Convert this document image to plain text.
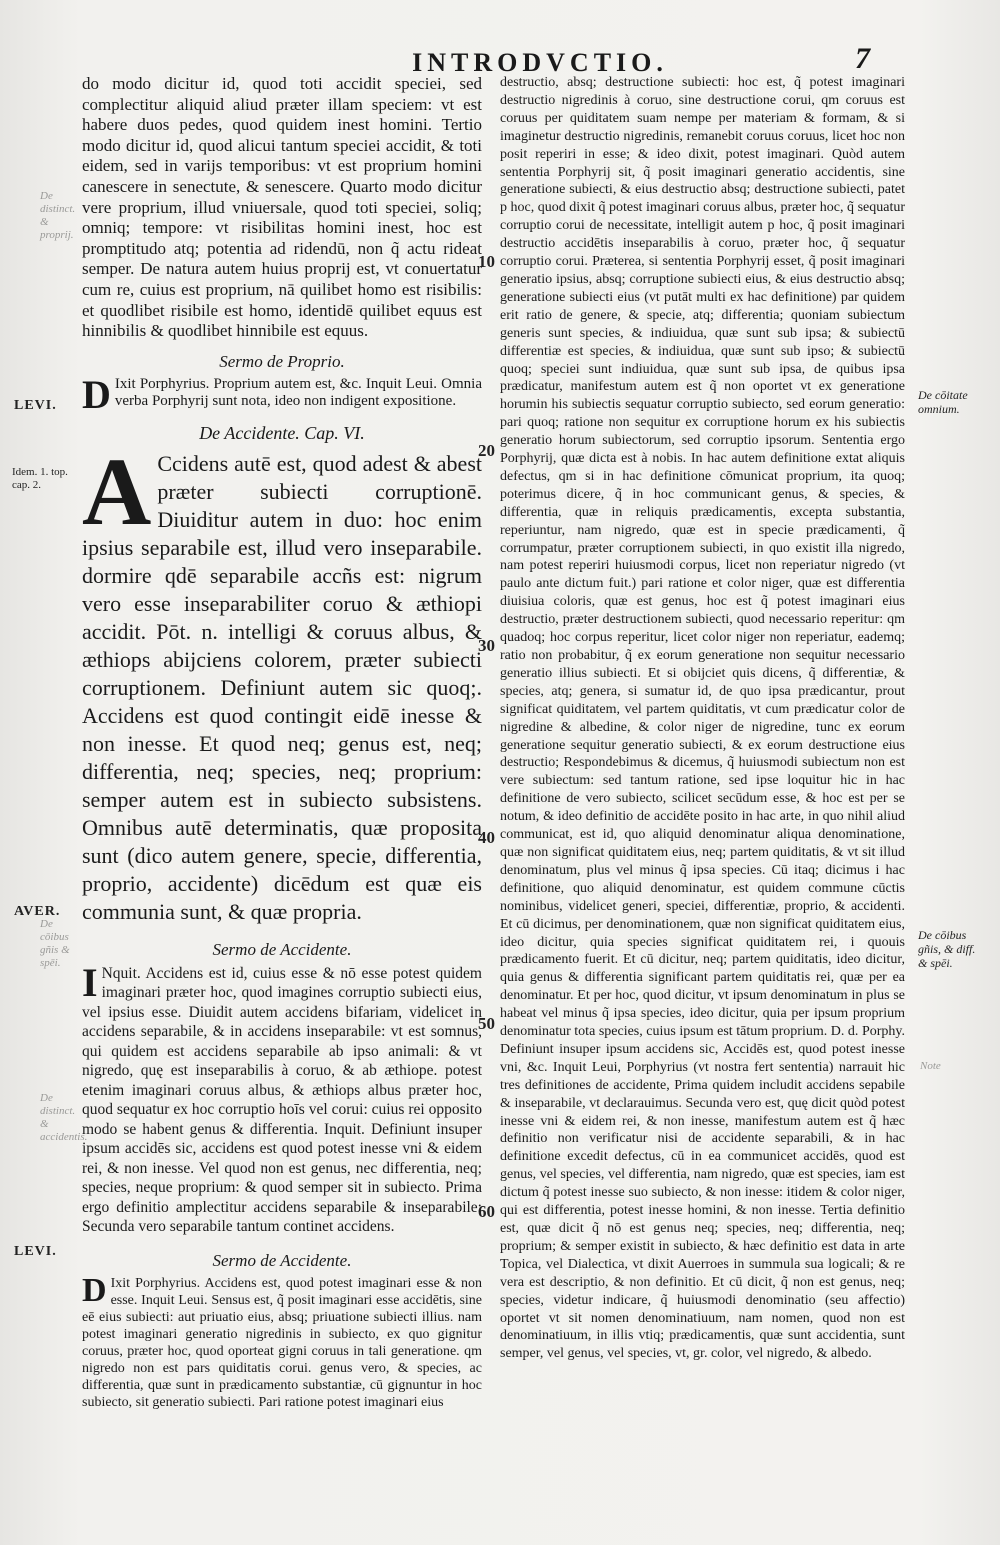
INTRODVCTIO.	7
De distinct. & proprij.
De distinct. & accidentis.
De cōibus gñis & spēi.
LEVI.
Idem. 1. top. cap. 2.
AVER.
LEVI.
De cōitate omnium.
De cōibus gñis, & diff. & spēi.
Note
10
20
30
40
50
60

do modo dicitur id, quod toti accidit speciei, sed complectitur aliquid aliud præter illam speciem: vt est habere duos pedes, quod quidem inest homini. Tertio modo dicitur id, quod alicui tantum speciei accidit, & toti eidem, sed in varijs temporibus: vt est proprium homini canescere in senectute, & senescere. Quarto modo dicitur vere proprium, illud vniuersale, quod toti speciei, soliq; omniq; tempore: vt risibilitas homini inest, hoc est promptitudo atq; potentia ad ridendū, non q̃ actu rideat semper. De natura autem huius proprij est, vt conuertatur cum re, cuius est proprium, nā quilibet homo est risibilis: et quodlibet risibile est homo, identidē quilibet equus est hinnibilis & quodlibet hinnibile est equus.

Sermo de Proprio.

D Ixit Porphyrius. Proprium autem est, &c. Inquit Leui. Omnia verba Porphyrij sunt nota, ideo non indigent expositione.

De Accidente. Cap. VI.

A Ccidens autē est, quod adest & abest præter subiecti corruptionē. Diuiditur autem in duo: hoc enim ipsius separabile est, illud vero inseparabile. dormire qdē separabile accñs est: nigrum vero esse inseparabiliter coruo & æthiopi accidit. Pōt. n. intelligi & coruus albus, & æthiops abijciens colorem, præter subiecti corruptionem. Definiunt autem sic quoq;. Accidens est quod contingit eidē inesse & non inesse. Et quod neq; genus est, neq; differentia, neq; species, neq; proprium: semper autem est in subiecto subsistens. Omnibus autē determinatis, quæ proposita sunt (dico autem genere, specie, differentia, proprio, accidente) dicēdum est quæ eis communia sunt, & quæ propria.

Sermo de Accidente.

I Nquit. Accidens est id, cuius esse & nō esse potest quidem imaginari præter hoc, quod imagines corruptio subiecti eius, vel ipsius esse. Diuidit autem accidens bifariam, videlicet in accidens separabile, & in accidens inseparabile: vt est somnus, qui quidem est accidens separabile ab ipso animali: & vt nigredo, quę est inseparabilis à coruo, & ab æthiope. potest etenim imaginari coruus albus, & æthiops albus præter hoc, quod sequatur ex hoc corruptio hoīs vel corui: cuius rei opposito modo se habent genus & differentia. Inquit. Definiunt insuper ipsum accidēs sic, accidens est quod potest inesse vni & eidem rei, & non inesse. Vel quod non est genus, nec differentia, neq; species, neque proprium: & quod semper sit in subiecto. Prima ergo definitio amplectitur accidens separabile & inseparabile: Secunda vero separabile tantum continet accidens.

Sermo de Accidente.

D Ixit Porphyrius. Accidens est, quod potest imaginari esse & non esse. Inquit Leui. Sensus est, q̃ posit imaginari esse accidētis, sine eē eius subiecti: aut priuatio eius, absq; priuatione subiecti illius. nam potest imaginari generatio nigredinis in subiecto, ex quo gignitur coruus, præter hoc, quod oporteat gigni coruus in tali generatione. qm nigredo non est pars quiditatis corui. genus vero, & species, ac differentia, quæ sunt in prædicamento substantiæ, cū gignuntur in hoc subiecto, sit generatio subiecti. Pari ratione potest imaginari eius

destructio, absq; destructione subiecti: hoc est, q̃ potest imaginari destructio nigredinis à coruo, sine destructione corui, qm coruus est coruus per quiditatem suam nempe per materiam & formam, & si imaginetur destructio nigredinis, remanebit coruus coruus, licet hoc non posit reperiri in esse; & ideo dixit, potest imaginari. Quòd autem sententia Porphyrij sit, q̃ posit imaginari generatio accidentis, sine generatione subiecti, & eius destructio absq; destructione subiecti, patet p hoc, quod dixit q̃ potest imaginari coruus albus, præter hoc, q̃ sequatur corruptio corui de necessitate, intelligit autem p hoc, q̃ posit imaginari destructio accidētis inseparabilis à coruo, præter hoc, q̃ sequatur corruptio corui. Præterea, si sententia Porphyrij esset, q̃ posit imaginari generatio ipsius, absq; corruptione subiecti eius, & eius destructio absq; generatione subiecti eius (vt putāt multi ex hac definitione) par quidem erit ratio de genere, & specie, atq; differentia; quoniam subiectum generis sunt species, & indiuidua, quæ sunt sub ipsa; & subiectū differentiæ est species, & indiuidua, quæ sunt sub ipso; & subiectū quoq; speciei sunt indiuidua, quæ sunt sub ipsa, de quibus ipsa prædicatur, manifestum autem est q̃ non oportet vt ex generatione horumin his subiectis sequatur corruptio subiecto, sed eorum generatio: pari quoq; ratione non sequitur ex corruptione horum ex his subiectis generatio horum subiectorum, sed corruptio ipsorum. Sententia ergo Porphyrij, quæ dicta est à nobis. In hac autem definitione extat aliquis defectus, qm si in hac definitione cōmunicat proprium, ita quoq; poterimus dicere, q̃ in hoc communicant genus, & species, & differentia, quæ in reliquis prædicamentis, excepta substantia, reperiuntur, nam nigredo, quæ est in specie prædicamenti, q̃ corrumpatur, præter corruptionem subiecti, in quo existit illa nigredo, nam potest reperiri huiusmodi corpus, licet non reperiatur nigredo (vt paulo ante dictum fuit.) pari ratione et color niger, quæ est differentia diuisiua coloris, quæ est genus, hoc est q̃ potest imaginari eius destructio, præter destructionem subiecti, quod necessario reperitur: qm quadoq; hoc corpus reperitur, licet color niger non reperiatur, eademq; ratio non probabitur, q̃ ex eorum generatione non sequitur necessario generatio illius subiecti. Et si obijciet quis dicens, q̃ differentiæ, & species, atq; genera, si sumatur id, de quo ipsa prædicantur, prout significat quiditatem, vel partem quiditatis, vt cum prædicatur color de nigredine & albedine, & color niger de nigredine, tunc ex eorum generatione sequitur generatio subiecti, & ex eorum destructione eius destructio; Respondebimus & dicemus, q̃ huiusmodi subiectum non est vere subiectum: sed tantum ratione, sed ipse loquitur hic in hac definitione de vero subiecto, scilicet secūdum esse, & hoc est per se notum, & ideo definitio de accidēte posito in hac arte, in quo nihil aliud communicat, est id, quo aliquid denominatur aliqua denominatione, quæ non significat quiditatem eius, neq; partem quiditatis, & vt sit illud denominatum, plus vel minus q̃ ipsa species. Cū itaq; dicimus i hac definitione, quo aliquid denominatur, est quidem commune cūctis nominibus, videlicet generi, speciei, differentiæ, proprio, & accidenti. Et cū dicimus, per denominationem, quæ non significat quiditatem eius, ideo dicitur, quia species significat quiditatem rei, i quouis prædicamento fuerit. Et cū dicitur, neq; partem quiditatis, ideo dicitur, quia genus & differentia significant partem quiditatis rei, quæ per ea denominatur. Et per hoc, quod dicitur, vt ipsum denominatum in plus se habeat vel minus q̃ ipsa species, ideo dicitur, quia per ipsum proprium denominatur tota species, cuius ipsum est tātum proprium. D. d. Porphy. Definiunt insuper ipsum accidens sic, Accidēs est, quod potest inesse vni, &c. Inquit Leui, Porphyrius (vt nostra fert sententia) narrauit hic tres definitiones de accidente, Prima quidem includit accidens sepabile & inseparabile, vt declarauimus. Secunda vero est, quę dicit quòd potest inesse vni & eidem rei, & non inesse, manifestum autem est q̃ hæc definitio non verificatur nisi de accidente separabili, & in hac definitione excedit defectus, cū in ea communicet accidēs, quod est genus, vel species, vel differentia, nam nigredo, quæ est species, iam est dictum q̃ potest inesse suo subiecto, & non inesse: itidem & color niger, qui est differentia, potest inesse homini, & non inesse. Tertia definitio est, quæ dicit q̃ nō est genus neq; species, neq; differentia, neq; proprium; & semper existit in subiecto, & hæc definitio est data in arte Topica, vel Dialectica, vt dixit Auerroes in summula sua logicali; & re vera est descriptio, & non definitio. Et cū dicit, q̃ non est genus, neq; species, videtur indicare, q̃ huiusmodi denominatio (seu affectio) oportet vt sit nomen denominatiuum, nam nomen, quod non est denominatiuum, in illis vtiq; prædicamentis, quæ sunt accidentia, sunt semper, vel genus, vel species, vt, gr. color, vel nigredo, & albedo.
